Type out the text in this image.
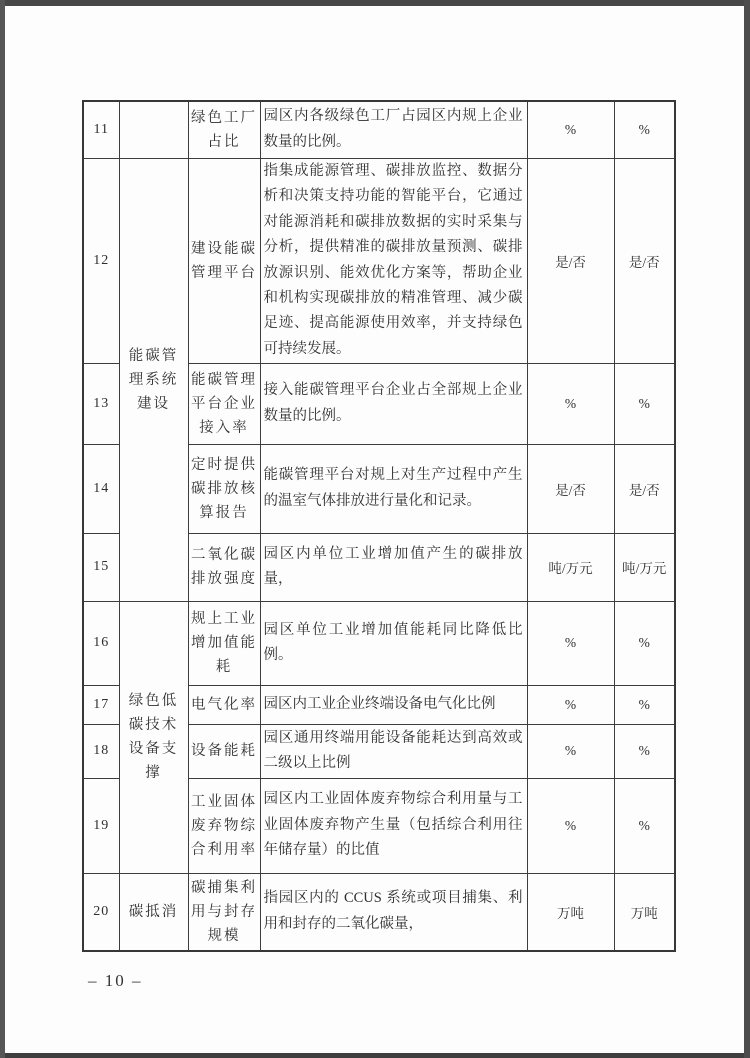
11		绿色工厂占比	园区内各级绿色工厂占园区内规上企业数量的比例。	%	%
12	能碳管理系统建设	建设能碳管理平台	指集成能源管理、碳排放监控、数据分析和决策支持功能的智能平台，它通过对能源消耗和碳排放数据的实时采集与分析，提供精准的碳排放量预测、碳排放源识别、能效优化方案等，帮助企业和机构实现碳排放的精准管理、减少碳足迹、提高能源使用效率，并支持绿色可持续发展。	是/否	是/否
13		能碳管理平台企业接入率	接入能碳管理平台企业占全部规上企业数量的比例。	%	%
14		定时提供碳排放核算报告	能碳管理平台对规上对生产过程中产生的温室气体排放进行量化和记录。	是/否	是/否
15		二氧化碳排放强度	园区内单位工业增加值产生的碳排放量，	吨/万元	吨/万元
16	绿色低碳技术设备支撑	规上工业增加值能耗	园区单位工业增加值能耗同比降低比例。	%	%
17		电气化率	园区内工业企业终端设备电气化比例	%	%
18		设备能耗	园区通用终端用能设备能耗达到高效或二级以上比例	%	%
19		工业固体废弃物综合利用率	园区内工业固体废弃物综合利用量与工业固体废弃物产生量（包括综合利用往年储存量）的比值	%	%
20	碳抵消	碳捕集利用与封存规模	指园区内的 CCUS 系统或项目捕集、利用和封存的二氧化碳量，	万吨	万吨
– 10 –
